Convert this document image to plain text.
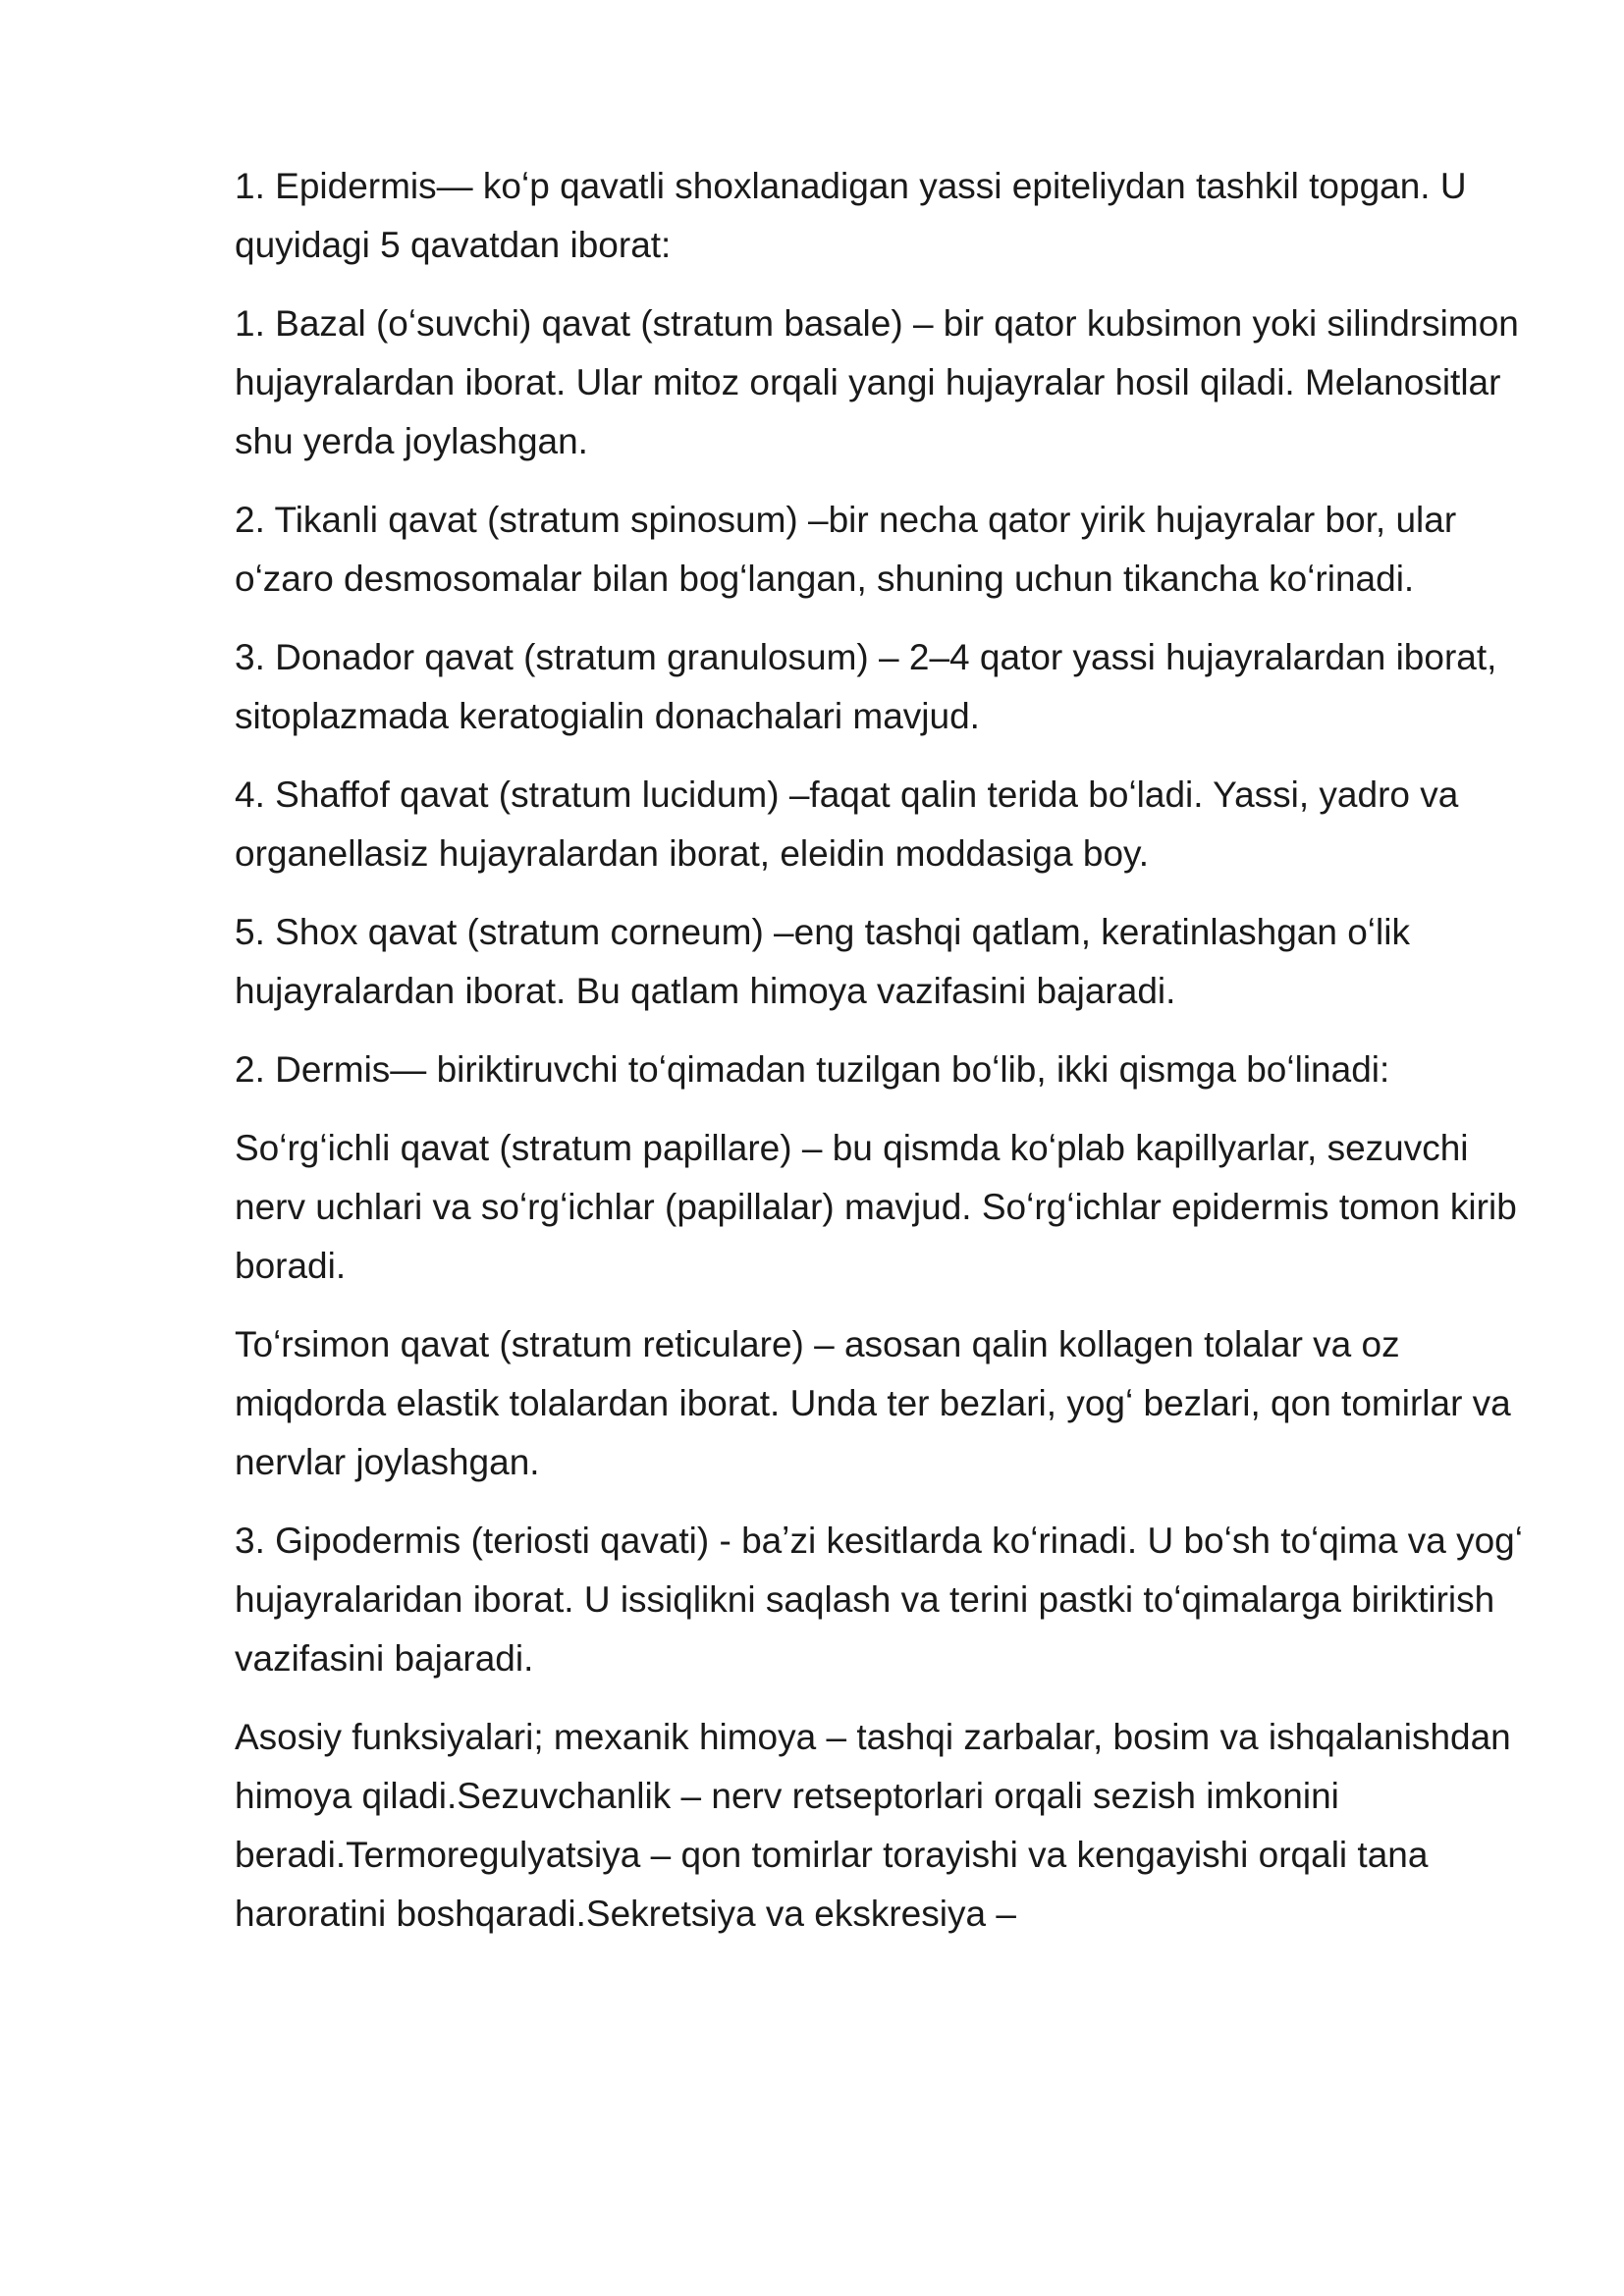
1. Epidermis— koʻp qavatli shoxlanadigan yassi epiteliydan tashkil topgan. U quyidagi 5 qavatdan iborat:

1. Bazal (oʻsuvchi) qavat (stratum basale) – bir qator kubsimon yoki silindrsimon hujayralardan iborat. Ular mitoz orqali yangi hujayralar hosil qiladi. Melanositlar shu yerda joylashgan.

2. Tikanli qavat (stratum spinosum) –bir necha qator yirik hujayralar bor, ular oʻzaro desmosomalar bilan bogʻlangan, shuning uchun tikancha koʻrinadi.

3. Donador qavat (stratum granulosum) – 2–4 qator yassi hujayralardan iborat, sitoplazmada keratogialin donachalari mavjud.

4. Shaffof qavat (stratum lucidum) –faqat qalin terida boʻladi. Yassi, yadro va organellasiz hujayralardan iborat, eleidin moddasiga boy.

5. Shox qavat (stratum corneum) –eng tashqi qatlam, keratinlashgan oʻlik hujayralardan iborat. Bu qatlam himoya vazifasini bajaradi.

2. Dermis— biriktiruvchi toʻqimadan tuzilgan boʻlib, ikki qismga boʻlinadi:

Soʻrgʻichli qavat (stratum papillare) – bu qismda koʻplab kapillyarlar, sezuvchi nerv uchlari va soʻrgʻichlar (papillalar) mavjud. Soʻrgʻichlar epidermis tomon kirib boradi.

Toʻrsimon qavat (stratum reticulare) – asosan qalin kollagen tolalar va oz miqdorda elastik tolalardan iborat. Unda ter bezlari, yogʻ bezlari, qon tomirlar va nervlar joylashgan.

3. Gipodermis (teriosti qavati) - baʼzi kesitlarda koʻrinadi. U boʻsh toʻqima va yogʻ hujayralaridan iborat. U issiqlikni saqlash va terini pastki toʻqimalarga biriktirish vazifasini bajaradi.

Asosiy funksiyalari; mexanik himoya – tashqi zarbalar, bosim va ishqalanishdan himoya qiladi.Sezuvchanlik – nerv retseptorlari orqali sezish imkonini beradi.Termoregulyatsiya – qon tomirlar torayishi va kengayishi orqali tana haroratini boshqaradi.Sekretsiya va ekskresiya –
